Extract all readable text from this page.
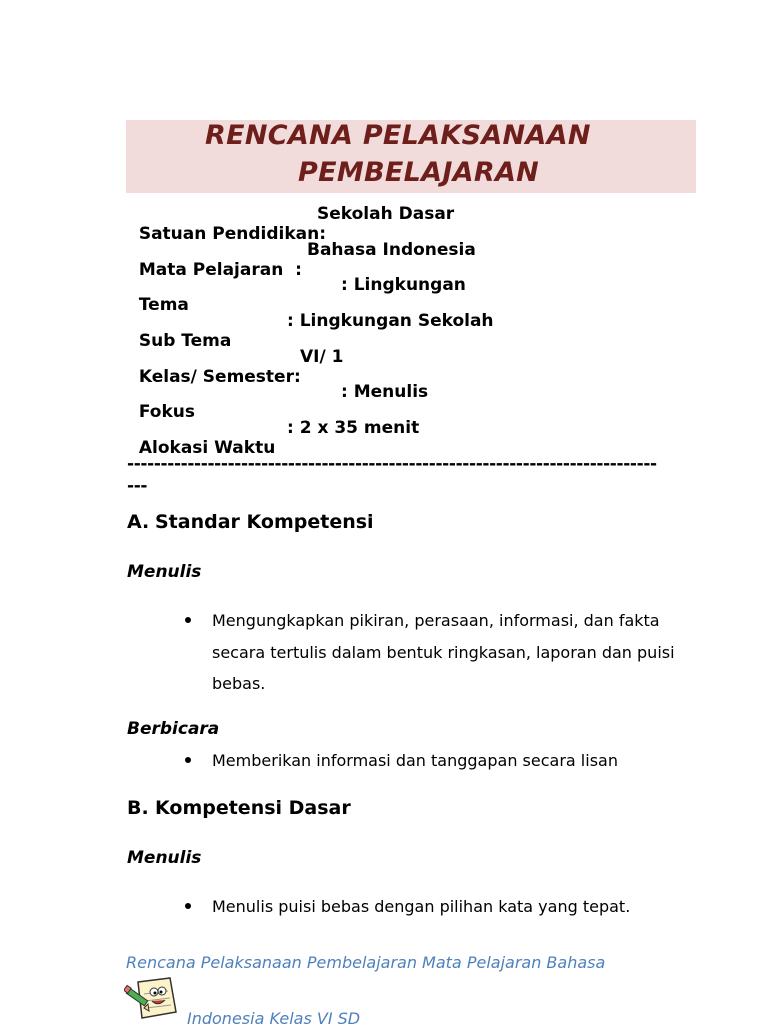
RENCANA PELAKSANAAN
PEMBELAJARAN

Satuan Pendidikan:

Sekolah Dasar

Mata Pelajaran  :

Bahasa Indonesia

Tema

: Lingkungan

Sub Tema

: Lingkungan Sekolah

Kelas/ Semester:

VI/ 1

Fokus

: Menulis

Alokasi Waktu

: 2 x 35 menit

-------------------------------------------------------------------------------
---
A. Standar Kompetensi
Menulis
Mengungkapkan pikiran, perasaan, informasi, dan fakta secara tertulis dalam bentuk ringkasan, laporan dan puisi bebas.
Berbicara
Memberikan informasi dan tanggapan secara lisan
B. Kompetensi Dasar
Menulis
Menulis puisi bebas dengan pilihan kata yang tepat.
Rencana Pelaksanaan Pembelajaran Mata Pelajaran Bahasa
Indonesia Kelas VI SD
